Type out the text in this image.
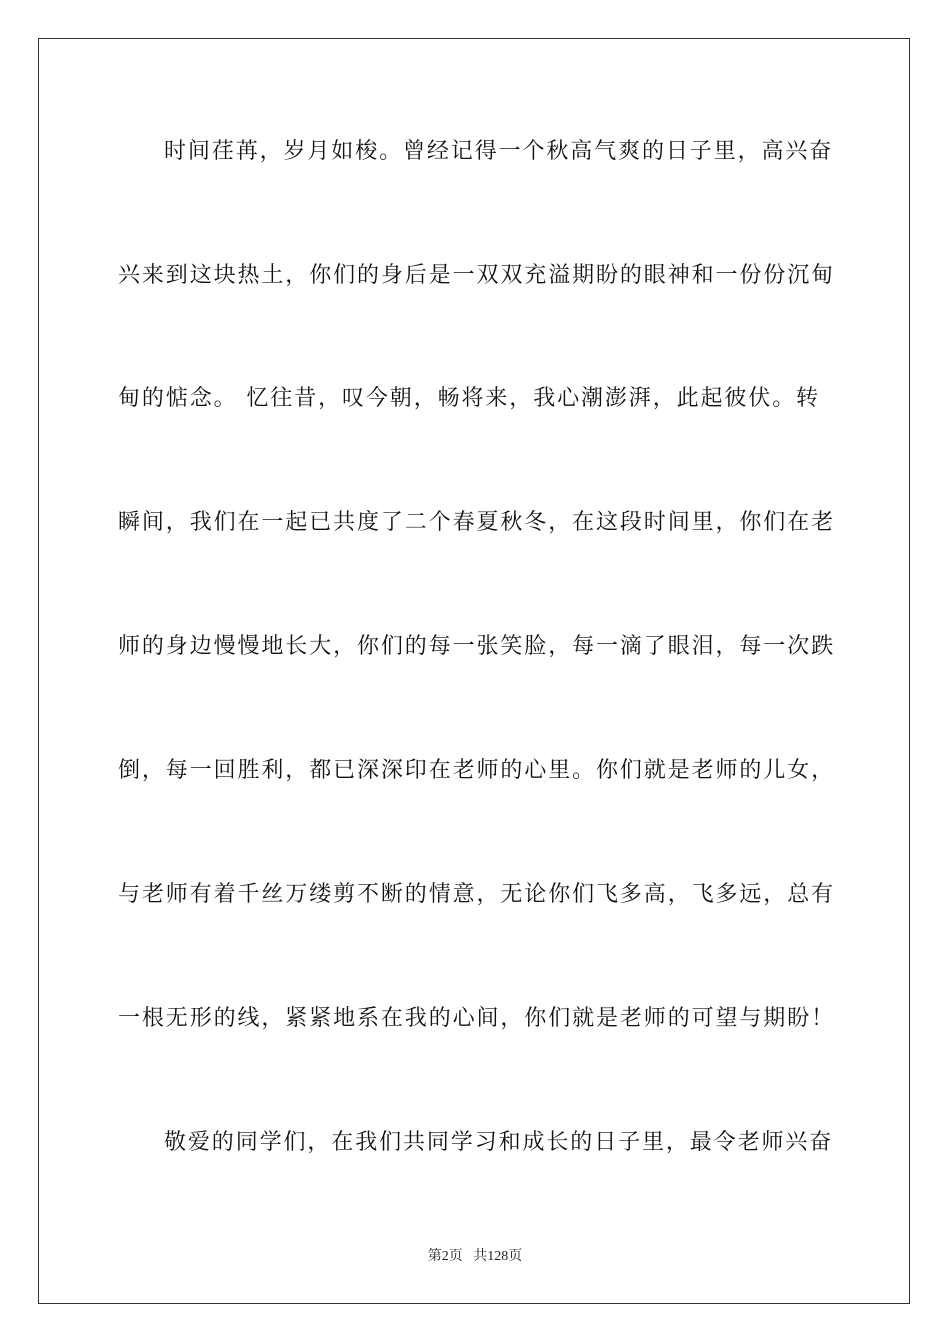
时间荏苒，岁月如梭。曾经记得一个秋高气爽的日子里，高兴奋
兴来到这块热土，你们的身后是一双双充溢期盼的眼神和一份份沉甸
甸的惦念。 忆往昔，叹今朝，畅将来，我心潮澎湃，此起彼伏。转
瞬间，我们在一起已共度了二个春夏秋冬，在这段时间里，你们在老
师的身边慢慢地长大，你们的每一张笑脸，每一滴了眼泪，每一次跌
倒，每一回胜利，都已深深印在老师的心里。你们就是老师的儿女，
与老师有着千丝万缕剪不断的情意，无论你们飞多高，飞多远，总有
一根无形的线，紧紧地系在我的心间，你们就是老师的可望与期盼！
敬爱的同学们，在我们共同学习和成长的日子里，最令老师兴奋
第2页 共128页
